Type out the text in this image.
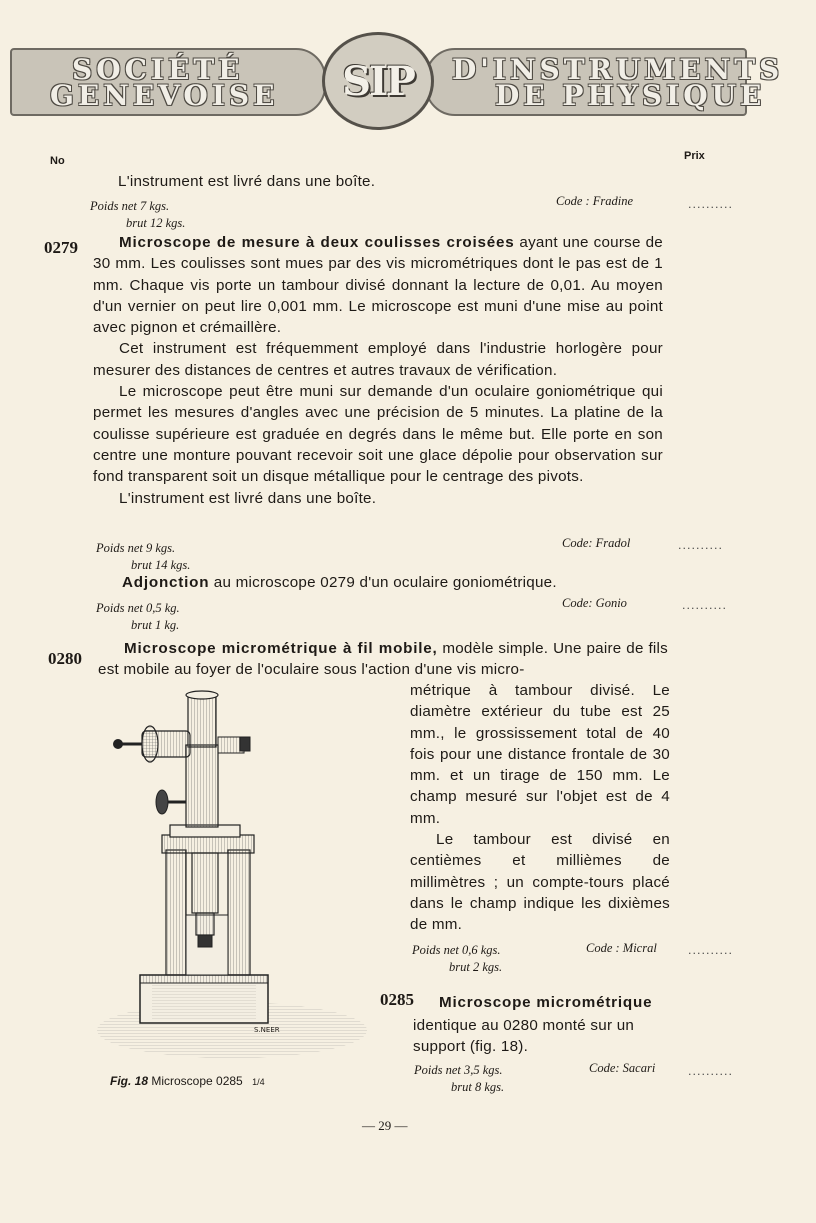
SOCIÉTÉ
GENEVOISE SIP D'INSTRUMENTS
DE PHYSIQUE
No	Prix
L'instrument est livré dans une boîte.
Poids net 7 kgs.
brut 12 kgs.
Code : Fradine	..........
0279	Microscope de mesure à deux coulisses croisées ayant une course de 30 mm. Les coulisses sont mues par des vis micrométriques dont le pas est de 1 mm. Chaque vis porte un tambour divisé donnant la lecture de 0,01. Au moyen d'un vernier on peut lire 0,001 mm. Le microscope est muni d'une mise au point avec pignon et crémaillère.

Cet instrument est fréquemment employé dans l'industrie horlogère pour mesurer des distances de centres et autres travaux de vérification.

Le microscope peut être muni sur demande d'un oculaire goniométrique qui permet les mesures d'angles avec une précision de 5 minutes. La platine de la coulisse supérieure est graduée en degrés dans le même but. Elle porte en son centre une monture pouvant recevoir soit une glace dépolie pour observation sur fond transparent soit un disque métallique pour le centrage des pivots.

L'instrument est livré dans une boîte.

Poids net 9 kgs.
brut 14 kgs.
Code: Fradol	..........
Adjonction au microscope 0279 d'un oculaire goniométrique.
Poids net 0,5 kg.
brut 1 kg.
Code: Gonio	..........
0280

Microscope micrométrique à fil mobile, modèle simple. Une paire de fils est mobile au foyer de l'oculaire sous l'action d'une vis micro-

métrique à tambour divisé. Le diamètre extérieur du tube est 25 mm., le grossissement total de 40 fois pour une distance frontale de 30 mm. et un tirage de 150 mm. Le champ mesuré sur l'objet est de 4 mm.

Le tambour est divisé en centièmes et millièmes de millimètres ; un compte-tours placé dans le champ indique les dixièmes de mm.

Poids net 0,6 kgs.
brut 2 kgs.
Code : Micral	..........
0285 Microscope micrométrique
identique au 0280 monté sur un support (fig. 18).
Poids net 3,5 kgs.
brut 8 kgs.
Code: Sacari	..........
S.NEER
Fig. 18 Microscope 0285 1/4
— 29 —
